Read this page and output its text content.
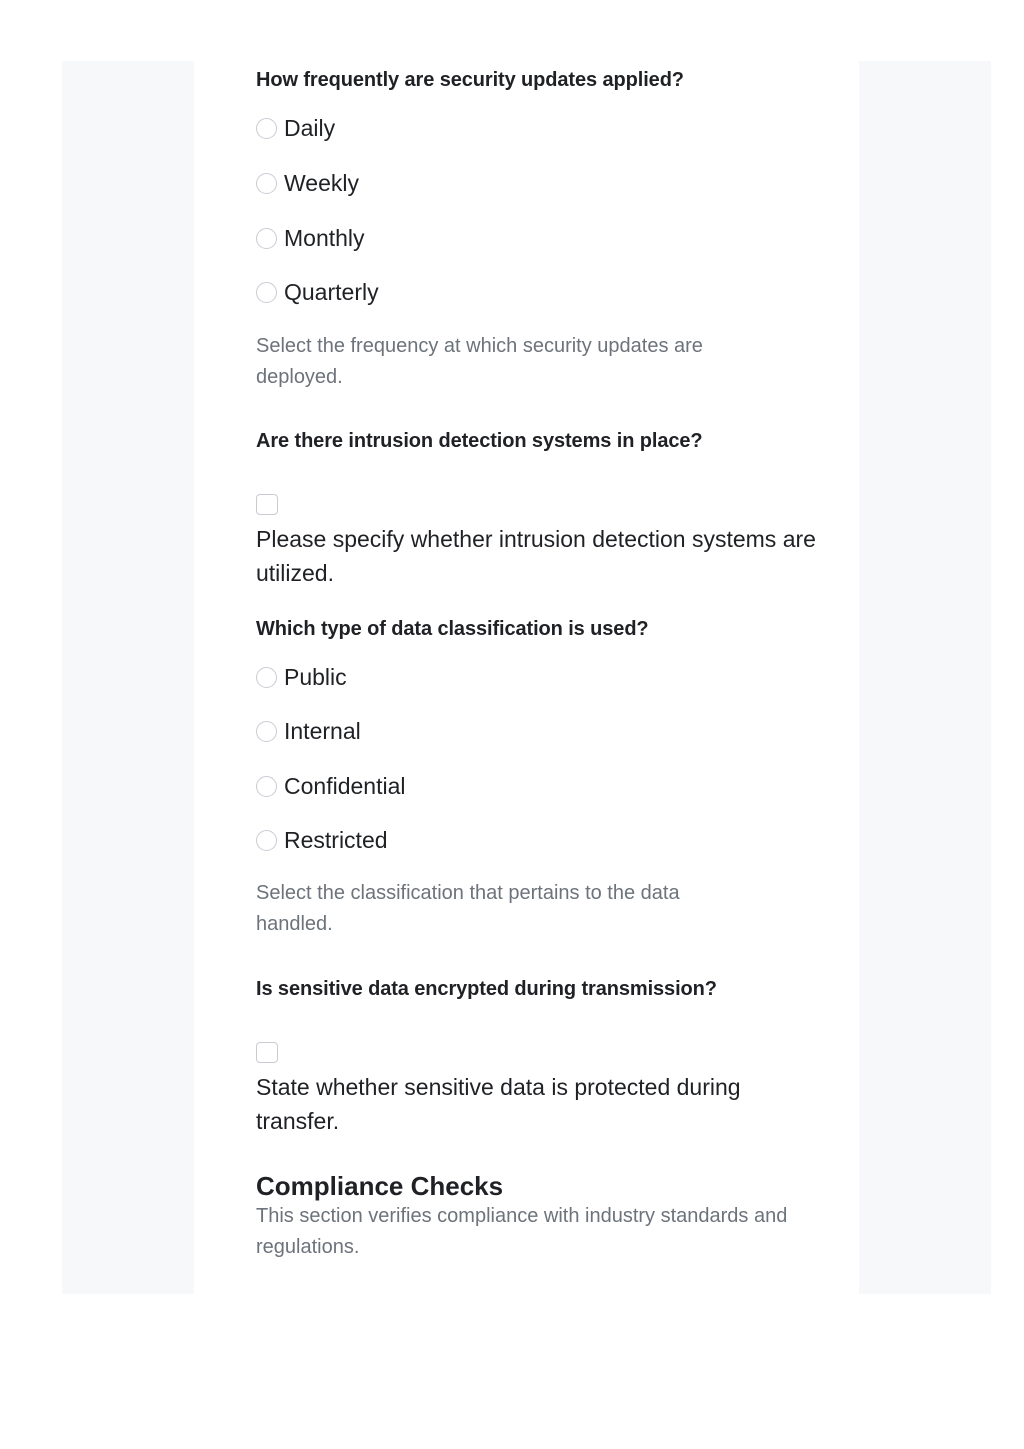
How frequently are security updates applied?

Daily
Weekly
Monthly
Quarterly

Select the frequency at which security updates are deployed.

Are there intrusion detection systems in place?

Please specify whether intrusion detection systems are utilized.

Which type of data classification is used?

Public
Internal
Confidential
Restricted

Select the classification that pertains to the data handled.

Is sensitive data encrypted during transmission?

State whether sensitive data is protected during transfer.

Compliance Checks

This section verifies compliance with industry standards and regulations.
